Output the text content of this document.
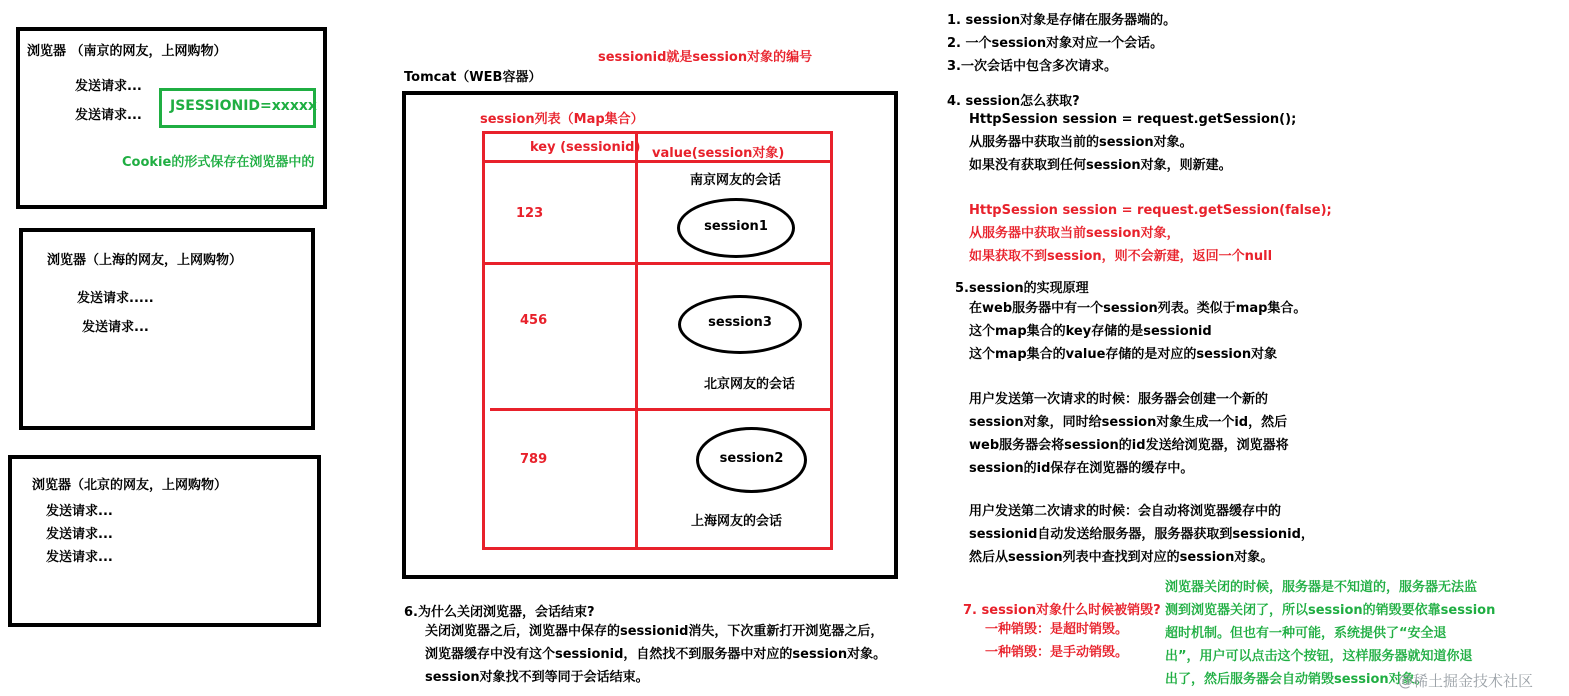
浏览器 （南京的网友，上网购物）
发送请求...
发送请求...
JSESSIONID=xxxxx
Cookie的形式保存在浏览器中的
浏览器（上海的网友，上网购物）
发送请求.....
发送请求...
浏览器（北京的网友，上网购物）
发送请求...
发送请求...
发送请求...
sessionid就是session对象的编号
Tomcat（WEB容器）
session列表（Map集合）
key (sessionid) value(session对象)
南京网友的会话
123
session1
456	session3
北京网友的会话
789	session2
上海网友的会话
6.为什么关闭浏览器，会话结束?
关闭浏览器之后，浏览器中保存的sessionid消失，下次重新打开浏览器之后，
浏览器缓存中没有这个sessionid，自然找不到服务器中对应的session对象。
session对象找不到等同于会话结束。
1. session对象是存储在服务器端的。
2. 一个session对象对应一个会话。
3.一次会话中包含多次请求。
4. session怎么获取?
HttpSession session = request.getSession();
从服务器中获取当前的session对象。
如果没有获取到任何session对象，则新建。
HttpSession session = request.getSession(false);
从服务器中获取当前session对象，
如果获取不到session，则不会新建，返回一个null
5.session的实现原理
在web服务器中有一个session列表。类似于map集合。
这个map集合的key存储的是sessionid
这个map集合的value存储的是对应的session对象
用户发送第一次请求的时候：服务器会创建一个新的
session对象，同时给session对象生成一个id，然后
web服务器会将session的id发送给浏览器，浏览器将
session的id保存在浏览器的缓存中。
用户发送第二次请求的时候：会自动将浏览器缓存中的
sessionid自动发送给服务器，服务器获取到sessionid，
然后从session列表中查找到对应的session对象。
7. session对象什么时候被销毁?
一种销毁：是超时销毁。
一种销毁：是手动销毁。
浏览器关闭的时候，服务器是不知道的，服务器无法监
测到浏览器关闭了，所以session的销毁要依靠session
超时机制。但也有一种可能，系统提供了“安全退
出”，用户可以点击这个按钮，这样服务器就知道你退
出了，然后服务器会自动销毁session对象。
@稀土掘金技术社区
